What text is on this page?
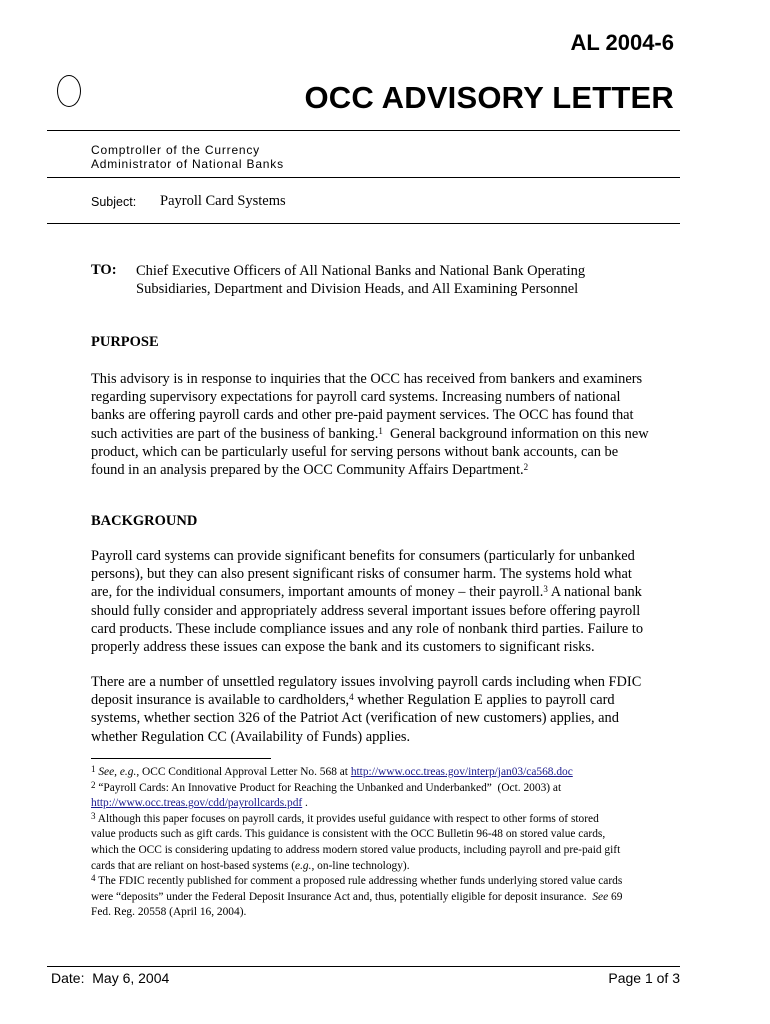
AL 2004-6
OCC ADVISORY LETTER
Comptroller of the Currency
Administrator of National Banks
Subject: Payroll Card Systems
TO: Chief Executive Officers of All National Banks and National Bank Operating
Subsidiaries, Department and Division Heads, and All Examining Personnel
PURPOSE
This advisory is in response to inquiries that the OCC has received from bankers and examiners
regarding supervisory expectations for payroll card systems. Increasing numbers of national
banks are offering payroll cards and other pre-paid payment services. The OCC has found that
such activities are part of the business of banking.$^1$  General background information on this new
product, which can be particularly useful for serving persons without bank accounts, can be
found in an analysis prepared by the OCC Community Affairs Department.$^2$
BACKGROUND
Payroll card systems can provide significant benefits for consumers (particularly for unbanked
persons), but they can also present significant risks of consumer harm. The systems hold what
are, for the individual consumers, important amounts of money – their payroll.$^3$ A national bank
should fully consider and appropriately address several important issues before offering payroll
card products. These include compliance issues and any role of nonbank third parties. Failure to
properly address these issues can expose the bank and its customers to significant risks.
There are a number of unsettled regulatory issues involving payroll cards including when FDIC
deposit insurance is available to cardholders,$^4$ whether Regulation E applies to payroll card
systems, whether section 326 of the Patriot Act (verification of new customers) applies, and
whether Regulation CC (Availability of Funds) applies.
$^1$ See, e.g., OCC Conditional Approval Letter No. 568 at http://www.occ.treas.gov/interp/jan03/ca568.doc
$^2$ “Payroll Cards: An Innovative Product for Reaching the Unbanked and Underbanked”  (Oct. 2003) at
http://www.occ.treas.gov/cdd/payrollcards.pdf .
$^3$ Although this paper focuses on payroll cards, it provides useful guidance with respect to other forms of stored
value products such as gift cards. This guidance is consistent with the OCC Bulletin 96-48 on stored value cards,
which the OCC is considering updating to address modern stored value products, including payroll and pre-paid gift
cards that are reliant on host-based systems (e.g., on-line technology).
$^4$ The FDIC recently published for comment a proposed rule addressing whether funds underlying stored value cards
were “deposits” under the Federal Deposit Insurance Act and, thus, potentially eligible for deposit insurance.  See 69
Fed. Reg. 20558 (April 16, 2004).
Date:  May 6, 2004	Page 1 of 3
